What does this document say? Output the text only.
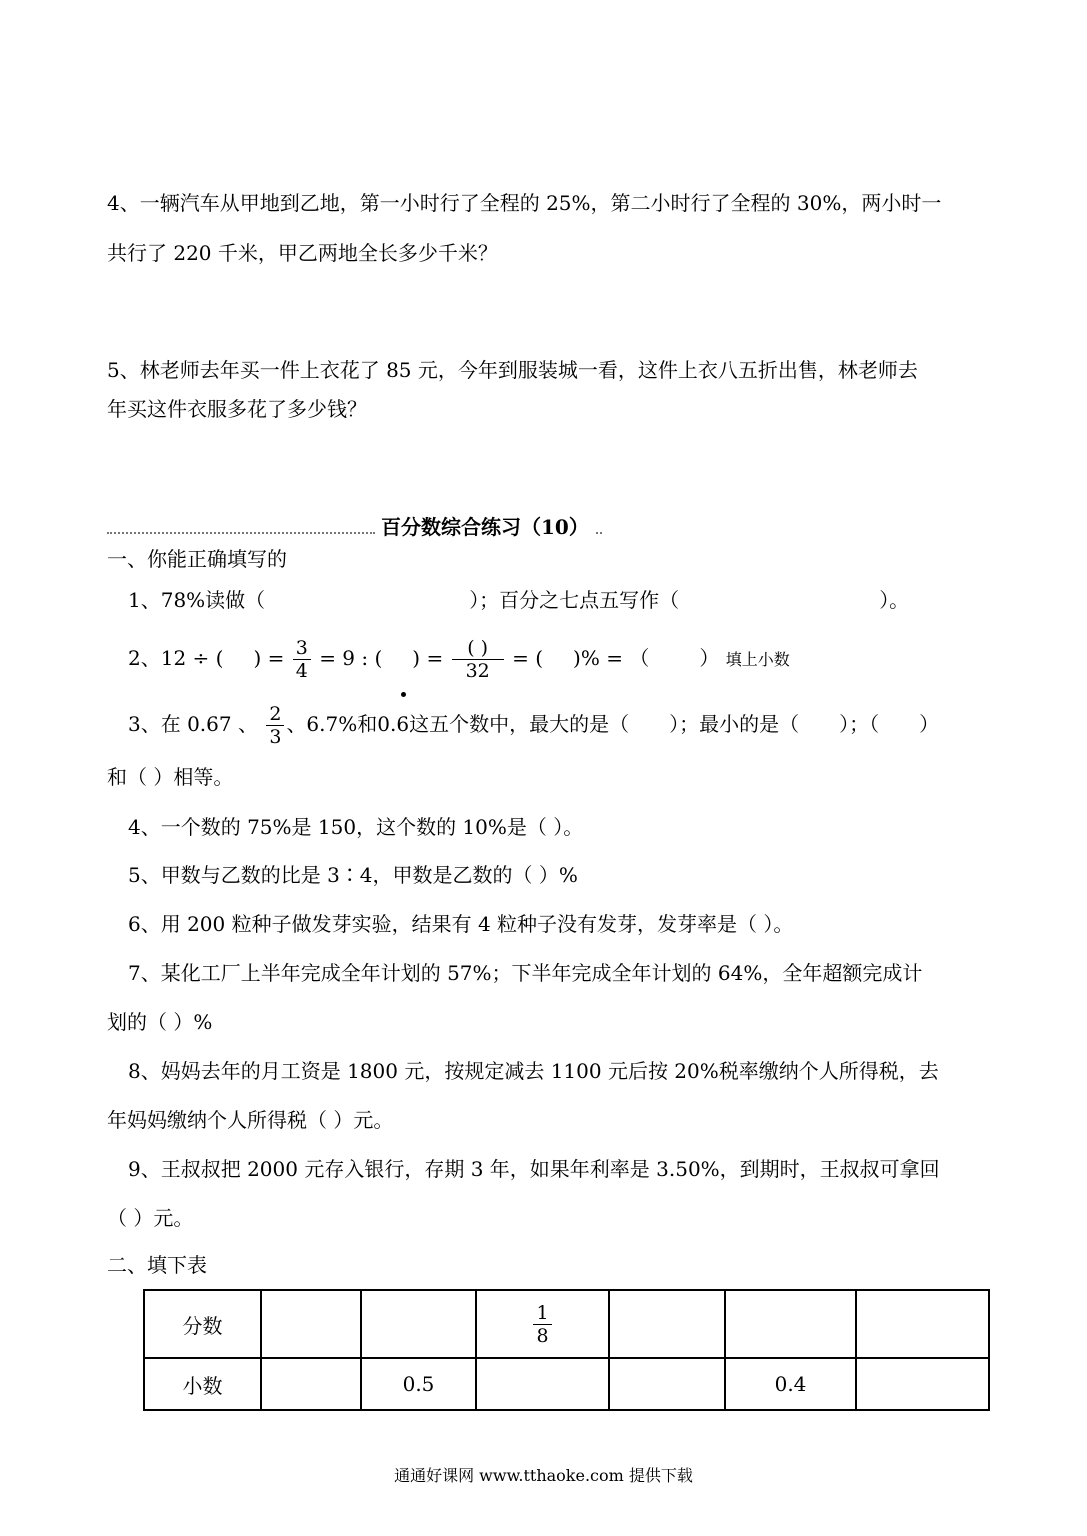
4、一辆汽车从甲地到乙地，第一小时行了全程的 25%，第二小时行了全程的 30%，两小时一
共行了 220 千米，甲乙两地全长多少千米？
5、林老师去年买一件上衣花了 85 元，今年到服装城一看，这件上衣八五折出售，林老师去
年买这件衣服多花了多少钱？
百分数综合练习（10）
一、你能正确填写的
1、78%读做（	）；百分之七点五写作（	）。
2、12 ÷ ( ) = $\frac{3}{4} = 9$ : ( ) = $\frac{( )}{32}$ = ( )% = （	） 填上小数
3、在 0.67 、 $\frac{2}{3}$ 、6.7%和0.6这五个数中，最大的是（ ）；最小的是（ ）；（ ）
和（ ）相等。
4、一个数的 75%是 150，这个数的 10%是（ ）。
5、甲数与乙数的比是 3∶4，甲数是乙数的（ ）%
6、用 200 粒种子做发芽实验，结果有 4 粒种子没有发芽，发芽率是（ ）。
7、某化工厂上半年完成全年计划的 57%；下半年完成全年计划的 64%，全年超额完成计
划的（ ）%
8、妈妈去年的月工资是 1800 元，按规定减去 1100 元后按 20%税率缴纳个人所得税，去
年妈妈缴纳个人所得税（ ）元。
9、王叔叔把 2000 元存入银行，存期 3 年，如果年利率是 3.50%，到期时，王叔叔可拿回
（ ）元。
二、填下表
分数			$\frac{1}{8}$

小数		0.5			0.4	
通通好课网 www.tthaoke.com 提供下载
